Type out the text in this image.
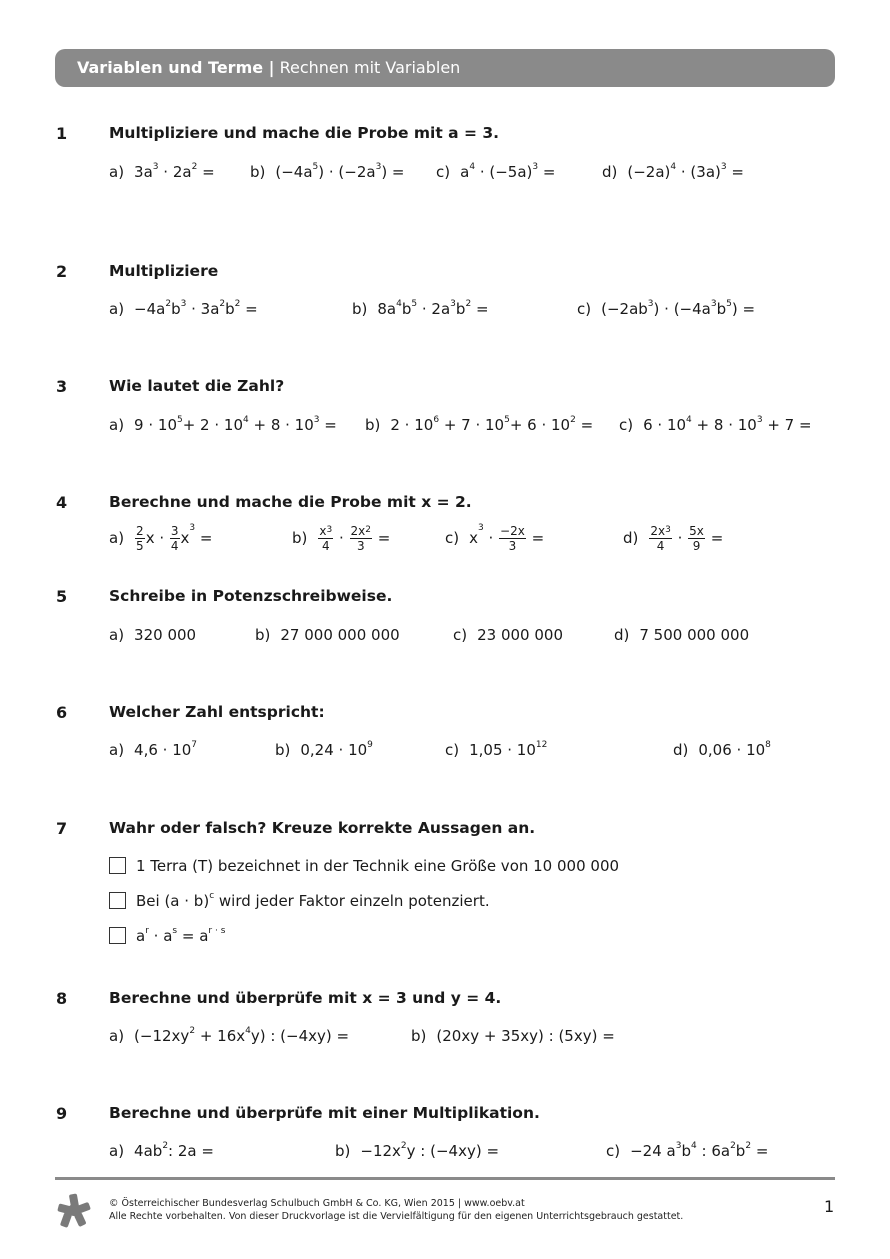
Variablen und Terme | Rechnen mit Variablen
1	Multipliziere und mache die Probe mit a = 3.
a) $3a^3 \cdot 2a^2 = b$) $(-4a^5) \cdot (-2a^3) = c$) $a^4 \cdot (-5a)^3$ =	d) $(-2a)^4 \cdot (3a)^3$ =
2	Multipliziere
$a) -4a^2b^3 \cdot 3a^2b^2$ =	b) $8a^4b^5 \cdot 2a^3b^2$ =	c) $(-2ab^3) \cdot (-4a^3b^5)$ =
3	Wie lautet die Zahl?
a) $9 \cdot 10^5+ 2 \cdot 10^4 + 8 \cdot 10^3 = b$) $2 \cdot 10^6 + 7 \cdot 10^5+ 6 \cdot 10^2 = c$) $6 \cdot 10^4 + 8 \cdot 10^3 + 7$ =
4	Berechne und mache die Probe mit x = 2.
$a) \frac{2}{5}$ $x \cdot \frac{3}{4} x^3$ =	$b) \frac{x^3}{4} \cdot \frac{2x^2}{3}$ =	c) $x^3 \cdot \frac{-2x}{3}$ =	$d) \frac{2x^3}{4} \cdot \frac{5x}{9}$ =
5	Schreibe in Potenzschreibweise.
a) 320 000	b) 27 000 000 000	c) 23 000 000	d) 7 500 000 000
6	Welcher Zahl entspricht:
a) $4,6 \cdot 10^7$	b) $0,24 \cdot 10^9$	c) $1,05 \cdot 10^{12}$	d) $0,06 \cdot 10^8$
7	Wahr oder falsch? Kreuze korrekte Aussagen an.
1 Terra (T) bezeichnet in der Technik eine Größe von 10 000 000
Bei $(a \cdot b)^c$ wird jeder Faktor einzeln potenziert.
$a^r \cdot a^s = a^{r \cdot s}$
8	Berechne und überprüfe mit x = 3 und y = 4.
a) $(-12xy^2 + 16x^4y)$ : (−4xy) =	b) (20xy + 35xy) : (5xy) =
9	Berechne und überprüfe mit einer Multiplikation.
a) $4ab^2$: 2a =	$b) -12x^2y$ : (−4xy) =	c) −24 $a^3b^4$ : $6a^2b^2$ =
© Österreichischer Bundesverlag Schulbuch GmbH & Co. KG, Wien 2015 | www.oebv.at
Alle Rechte vorbehalten. Von dieser Druckvorlage ist die Vervielfältigung für den eigenen Unterrichtsgebrauch gestattet.
1
